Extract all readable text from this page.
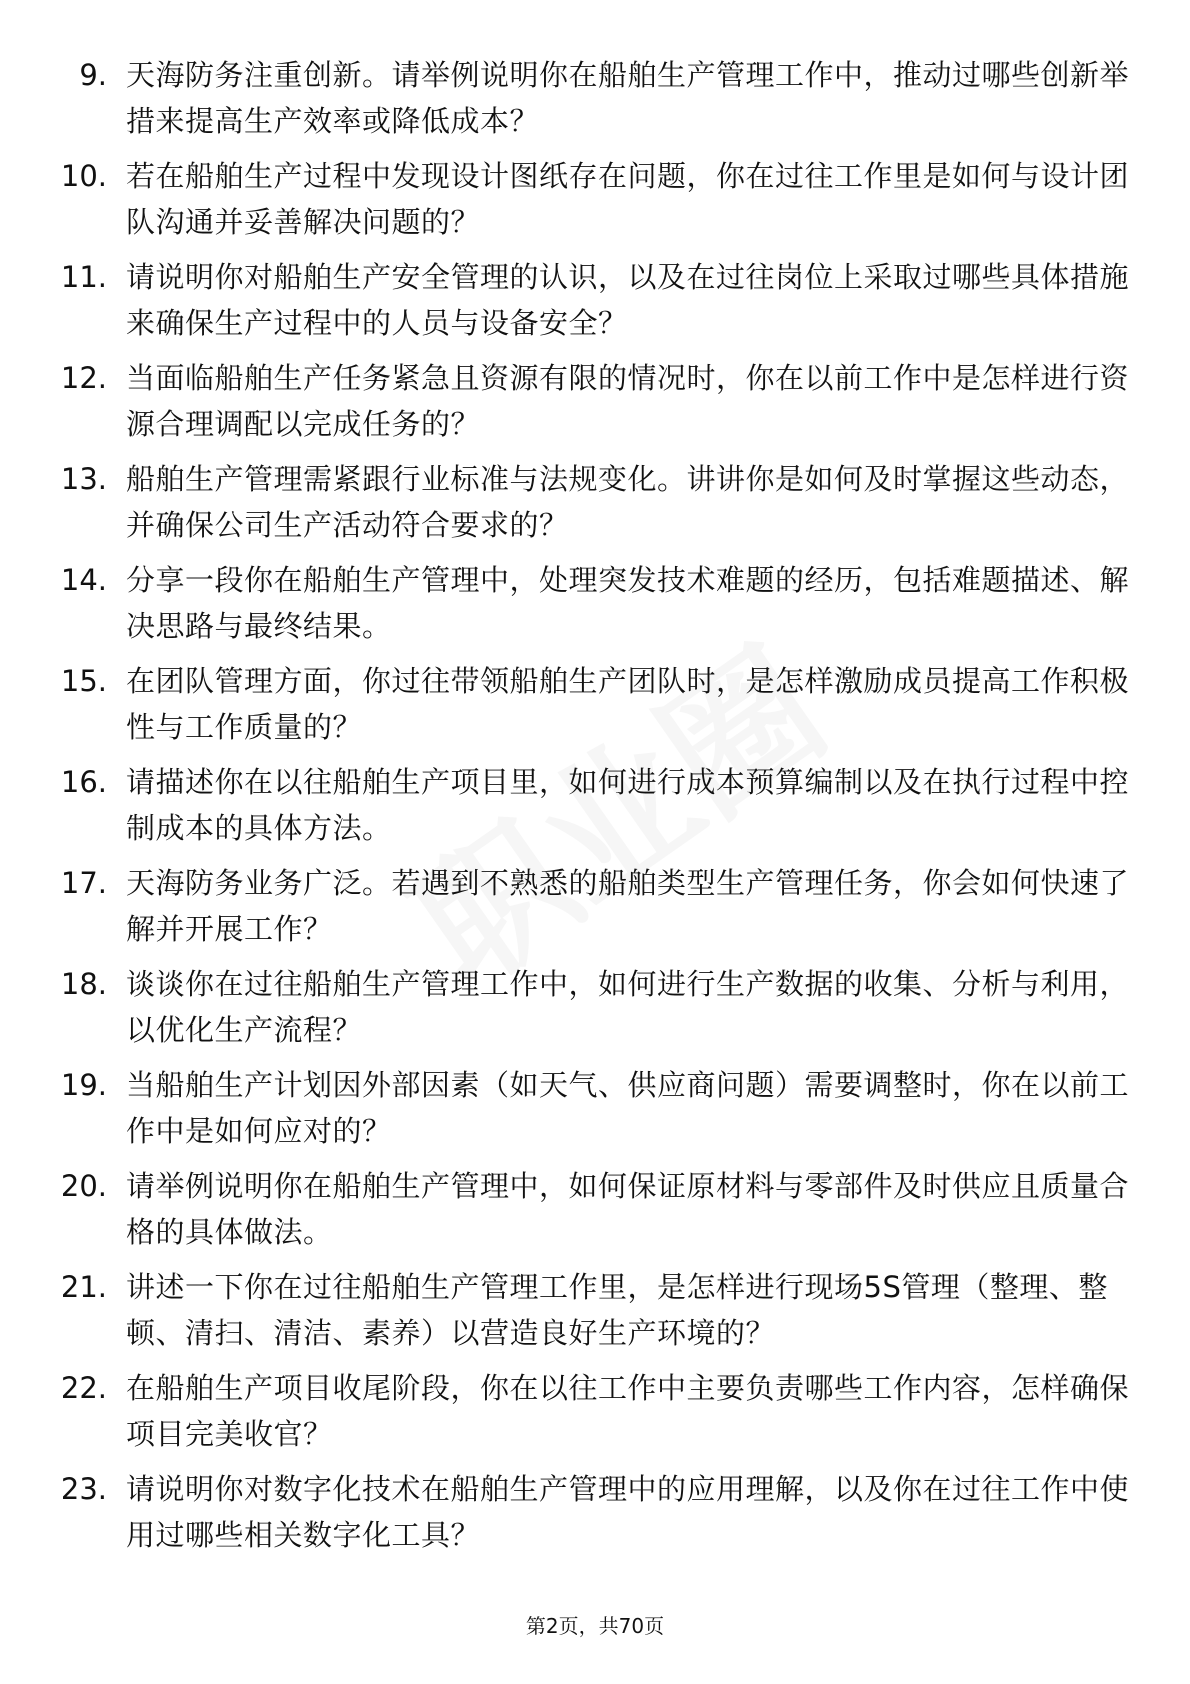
9. 天海防务注重创新。请举例说明你在船舶生产管理工作中，推动过哪些创新举措来提高生产效率或降低成本？
10. 若在船舶生产过程中发现设计图纸存在问题，你在过往工作里是如何与设计团队沟通并妥善解决问题的？
11. 请说明你对船舶生产安全管理的认识，以及在过往岗位上采取过哪些具体措施来确保生产过程中的人员与设备安全？
12. 当面临船舶生产任务紧急且资源有限的情况时，你在以前工作中是怎样进行资源合理调配以完成任务的？
13. 船舶生产管理需紧跟行业标准与法规变化。讲讲你是如何及时掌握这些动态，并确保公司生产活动符合要求的？
14. 分享一段你在船舶生产管理中，处理突发技术难题的经历，包括难题描述、解决思路与最终结果。
15. 在团队管理方面，你过往带领船舶生产团队时，是怎样激励成员提高工作积极性与工作质量的？
16. 请描述你在以往船舶生产项目里，如何进行成本预算编制以及在执行过程中控制成本的具体方法。
17. 天海防务业务广泛。若遇到不熟悉的船舶类型生产管理任务，你会如何快速了解并开展工作？
18. 谈谈你在过往船舶生产管理工作中，如何进行生产数据的收集、分析与利用，以优化生产流程？
19. 当船舶生产计划因外部因素（如天气、供应商问题）需要调整时，你在以前工作中是如何应对的？
20. 请举例说明你在船舶生产管理中，如何保证原材料与零部件及时供应且质量合格的具体做法。
21. 讲述一下你在过往船舶生产管理工作里，是怎样进行现场5S管理（整理、整顿、清扫、清洁、素养）以营造良好生产环境的？
22. 在船舶生产项目收尾阶段，你在以往工作中主要负责哪些工作内容，怎样确保项目完美收官？
23. 请说明你对数字化技术在船舶生产管理中的应用理解，以及你在过往工作中使用过哪些相关数字化工具？
第2页，共70页
